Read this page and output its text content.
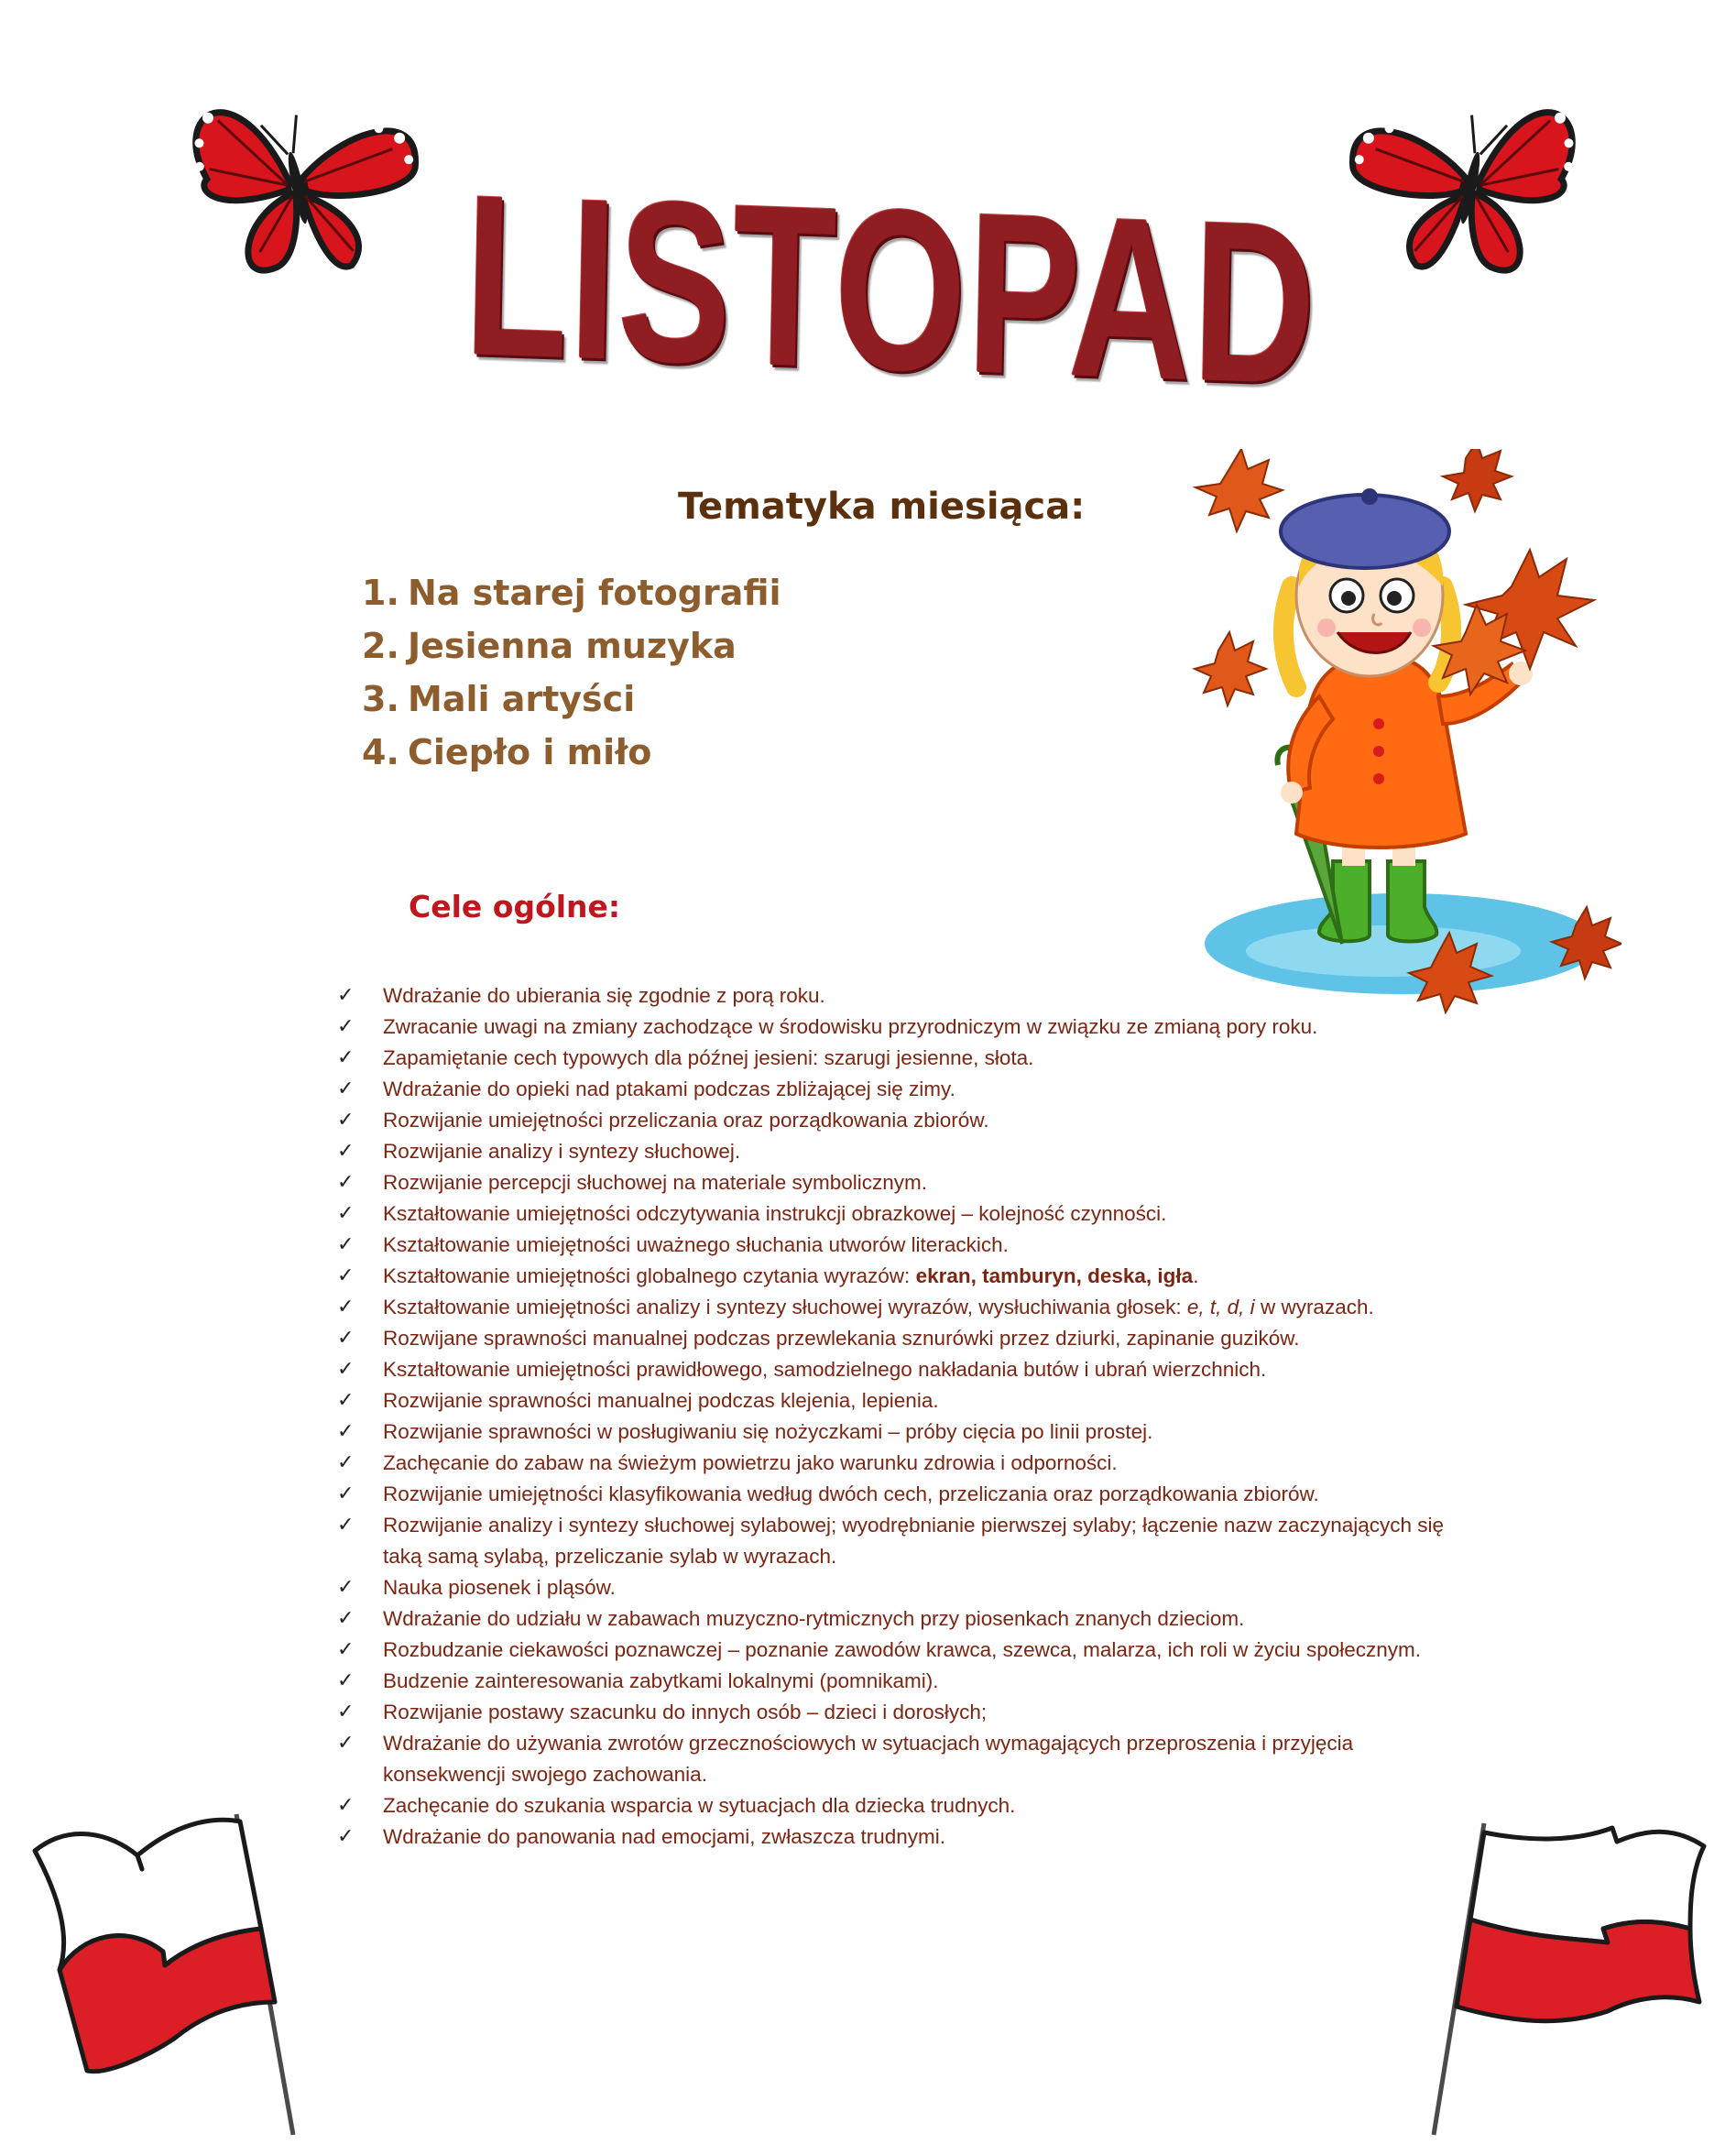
LISTOPAD
Tematyka miesiąca:
1. Na starej fotografii
2. Jesienna muzyka
3. Mali artyści
4. Ciepło i miło
Cele ogólne:
✓ Wdrażanie do ubierania się zgodnie z porą roku.
✓ Zwracanie uwagi na zmiany zachodzące w środowisku przyrodniczym w związku ze zmianą pory roku.
✓ Zapamiętanie cech typowych dla późnej jesieni: szarugi jesienne, słota.
✓ Wdrażanie do opieki nad ptakami podczas zbliżającej się zimy.
✓ Rozwijanie umiejętności przeliczania oraz porządkowania zbiorów.
✓ Rozwijanie analizy i syntezy słuchowej.
✓ Rozwijanie percepcji słuchowej na materiale symbolicznym.
✓ Kształtowanie umiejętności odczytywania instrukcji obrazkowej – kolejność czynności.
✓ Kształtowanie umiejętności uważnego słuchania utworów literackich.
✓ Kształtowanie umiejętności globalnego czytania wyrazów: ekran, tamburyn, deska, igła.
✓ Kształtowanie umiejętności analizy i syntezy słuchowej wyrazów, wysłuchiwania głosek: e, t, d, i w wyrazach.
✓ Rozwijane sprawności manualnej podczas przewlekania sznurówki przez dziurki, zapinanie guzików.
✓ Kształtowanie umiejętności prawidłowego, samodzielnego nakładania butów i ubrań wierzchnich.
✓ Rozwijanie sprawności manualnej podczas klejenia, lepienia.
✓ Rozwijanie sprawności w posługiwaniu się nożyczkami – próby cięcia po linii prostej.
✓ Zachęcanie do zabaw na świeżym powietrzu jako warunku zdrowia i odporności.
✓ Rozwijanie umiejętności klasyfikowania według dwóch cech, przeliczania oraz porządkowania zbiorów.
✓ Rozwijanie analizy i syntezy słuchowej sylabowej; wyodrębnianie pierwszej sylaby; łączenie nazw zaczynających się taką samą sylabą, przeliczanie sylab w wyrazach.
✓ Nauka piosenek i pląsów.
✓ Wdrażanie do udziału w zabawach muzyczno-rytmicznych przy piosenkach znanych dzieciom.
✓ Rozbudzanie ciekawości poznawczej – poznanie zawodów krawca, szewca, malarza, ich roli w życiu społecznym.
✓ Budzenie zainteresowania zabytkami lokalnymi (pomnikami).
✓ Rozwijanie postawy szacunku do innych osób – dzieci i dorosłych;
✓ Wdrażanie do używania zwrotów grzecznościowych w sytuacjach wymagających przeproszenia i przyjęcia konsekwencji swojego zachowania.
✓ Zachęcanie do szukania wsparcia w sytuacjach dla dziecka trudnych.
✓ Wdrażanie do panowania nad emocjami, zwłaszcza trudnymi.
